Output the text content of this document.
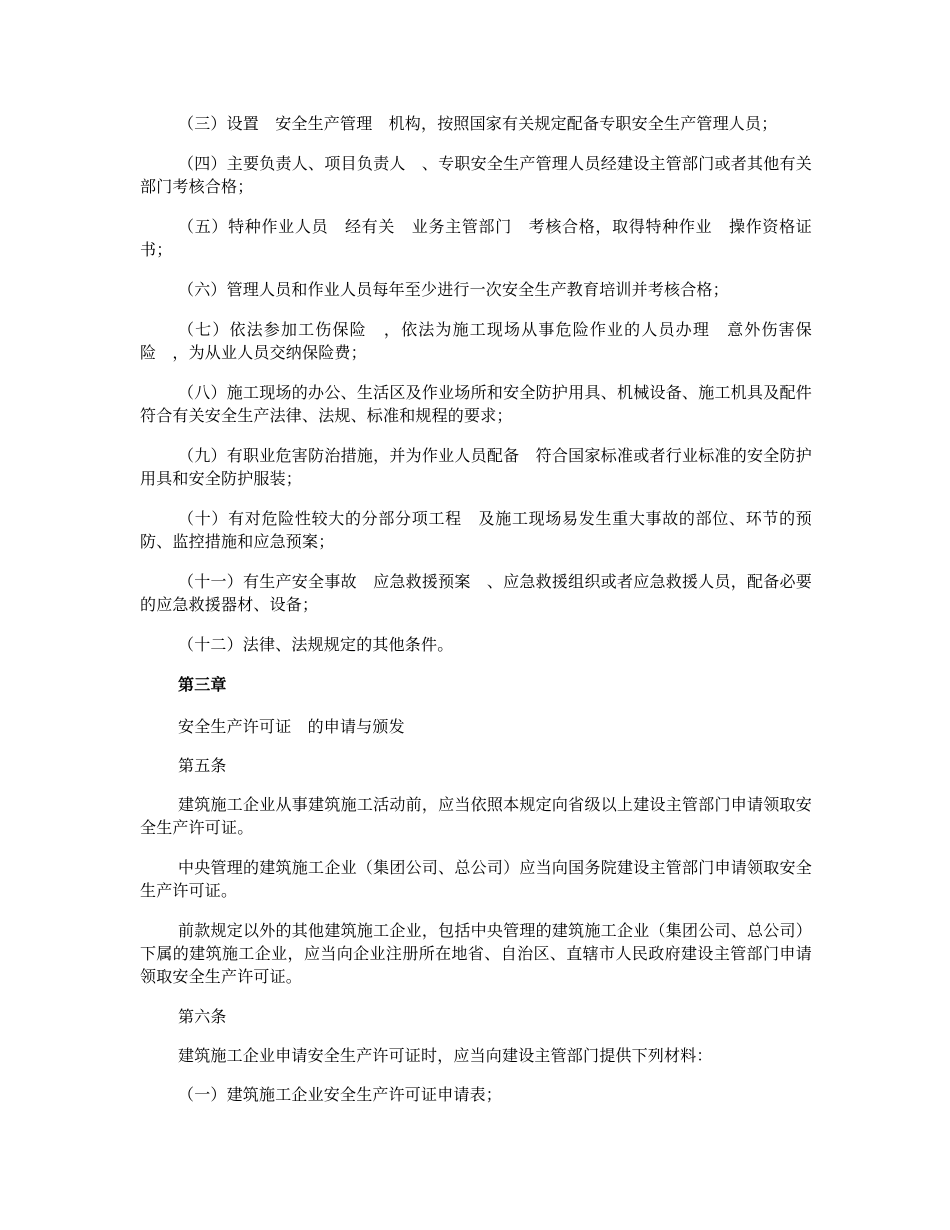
（三）设置　安全生产管理　机构，按照国家有关规定配备专职安全生产管理人员；

（四）主要负责人、项目负责人　、专职安全生产管理人员经建设主管部门或者其他有关部门考核合格；

（五）特种作业人员　经有关　业务主管部门　考核合格，取得特种作业　操作资格证书；

（六）管理人员和作业人员每年至少进行一次安全生产教育培训并考核合格；

（七）依法参加工伤保险　，依法为施工现场从事危险作业的人员办理　意外伤害保险　，为从业人员交纳保险费；

（八）施工现场的办公、生活区及作业场所和安全防护用具、机械设备、施工机具及配件符合有关安全生产法律、法规、标准和规程的要求；

（九）有职业危害防治措施，并为作业人员配备　符合国家标准或者行业标准的安全防护用具和安全防护服装；

（十）有对危险性较大的分部分项工程　及施工现场易发生重大事故的部位、环节的预防、监控措施和应急预案；

（十一）有生产安全事故　应急救援预案　、应急救援组织或者应急救援人员，配备必要的应急救援器材、设备；

（十二）法律、法规规定的其他条件。

第三章

安全生产许可证　的申请与颁发

第五条

建筑施工企业从事建筑施工活动前，应当依照本规定向省级以上建设主管部门申请领取安全生产许可证。

中央管理的建筑施工企业（集团公司、总公司）应当向国务院建设主管部门申请领取安全生产许可证。

前款规定以外的其他建筑施工企业，包括中央管理的建筑施工企业（集团公司、总公司）下属的建筑施工企业，应当向企业注册所在地省、自治区、直辖市人民政府建设主管部门申请领取安全生产许可证。

第六条

建筑施工企业申请安全生产许可证时，应当向建设主管部门提供下列材料：

（一）建筑施工企业安全生产许可证申请表；
